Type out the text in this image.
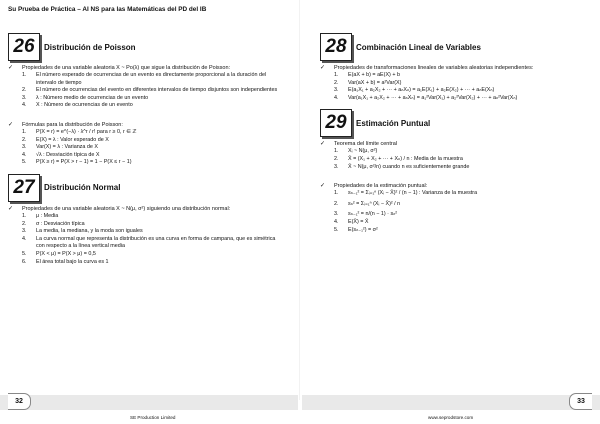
Su Prueba de Práctica – AI NS para las Matemáticas del PD del IB
26	Distribución de Poisson
✓	Propiedades de una variable aleatoria X ~ Po(λ) que sigue la distribución de Poisson:
1.	El número esperado de ocurrencias de un evento es directamente proporcional a la duración del intervalo de tiempo
2.	El número de ocurrencias del evento en diferentes intervalos de tiempo disjuntos son independientes
3.	λ : Número medio de ocurrencias de un evento
4.	X : Número de ocurrencias de un evento
✓	Fórmulas para la distribución de Poisson:
1.	P(X = r) = e^(−λ) · λ^r / r! para r ≥ 0, r ∈ ℤ
2.	E(X) = λ : Valor esperado de X
3.	Var(X) = λ : Varianza de X
4.	√λ : Desviación típica de X
5.	P(X ≥ r) = P(X > r − 1) = 1 − P(X ≤ r − 1)
27	Distribución Normal
✓	Propiedades de una variable aleatoria X ~ N(μ, σ²) siguiendo una distribución normal:
1.	μ : Media
2.	σ : Desviación típica
3.	La media, la mediana, y la moda son iguales
4.	La curva normal que representa la distribución es una curva en forma de campana, que es simétrica con respecto a la línea vertical media
5.	P(X < μ) = P(X > μ) = 0,5
6.	El área total bajo la curva es 1
28	Combinación Lineal de Variables
✓	Propiedades de transformaciones lineales de variables aleatorias independientes:
1.	E(aX + b) = aE(X) + b
2.	Var(aX + b) = a²Var(X)
3.	E(a₁X₁ + a₂X₂ + ··· + aₙXₙ) = a₁E(X₁) + a₂E(X₂) + ··· + aₙE(Xₙ)
4.	Var(a₁X₁ + a₂X₂ + ··· + aₙXₙ) = a₁²Var(X₁) + a₂²Var(X₂) + ··· + aₙ²Var(Xₙ)
29	Estimación Puntual
✓	Teorema del límite central
1.	Xᵢ ~ N(μ, σ²)
2.	X̄ = (X₁ + X₂ + ··· + Xₙ) / n : Media de la muestra
3.	X̄ ~ N(μ, σ²/n) cuando n es suficientemente grande
✓	Propiedades de la estimación puntual:
1.	sₙ₋₁² = Σᵢ₌₁ⁿ (Xᵢ − X̄)² / (n − 1) : Varianza de la muestra
2.	sₙ² = Σᵢ₌₁ⁿ (Xᵢ − X̄)² / n
3.	sₙ₋₁² = n/(n − 1) · sₙ²
4.	E(X̄) = X̄
5.	E(sₙ₋₁²) = σ²
32	33
SE Production Limited	www.seprodstore.com
